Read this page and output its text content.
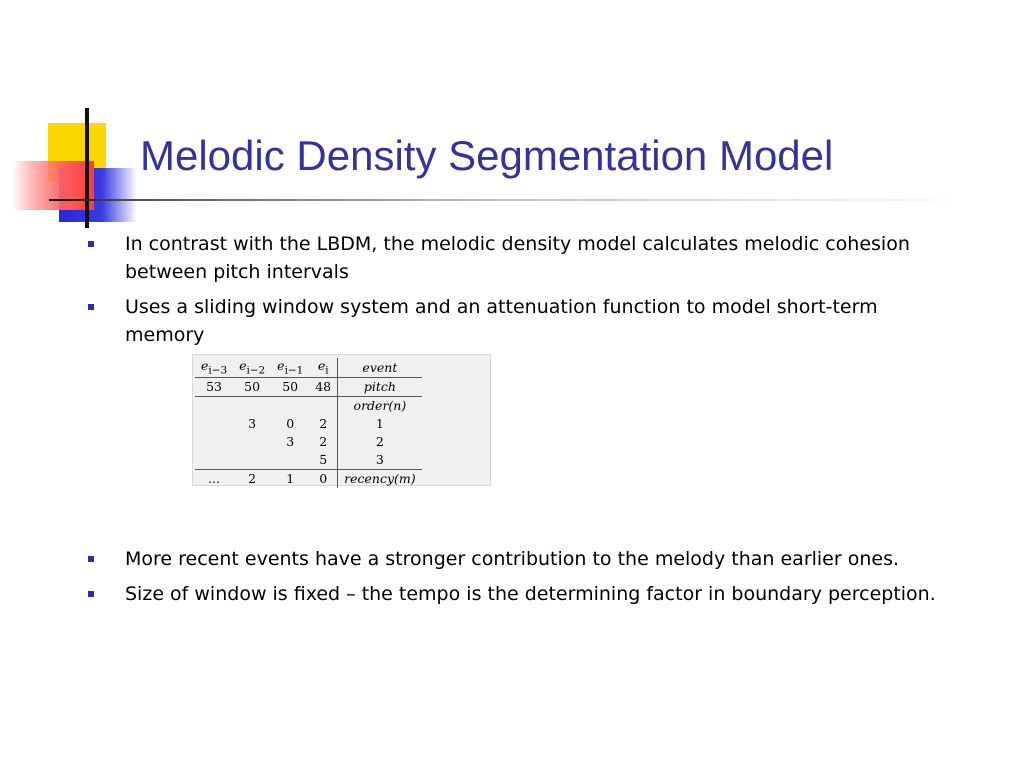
Melodic Density Segmentation Model
In contrast with the LBDM, the melodic density model calculates melodic cohesion between pitch intervals
Uses a sliding window system and an attenuation function to model short-term memory
$e_{i-3}$	$e_{i-2}$	$e_{i-1}$	$e_i$	event
53	50	50	48	pitch
				order(n)
	3	0	2	1
		3	2	2
			5	3
...	2	1	0	recency(m)
More recent events have a stronger contribution to the melody than earlier ones.
Size of window is fixed – the tempo is the determining factor in boundary perception.
